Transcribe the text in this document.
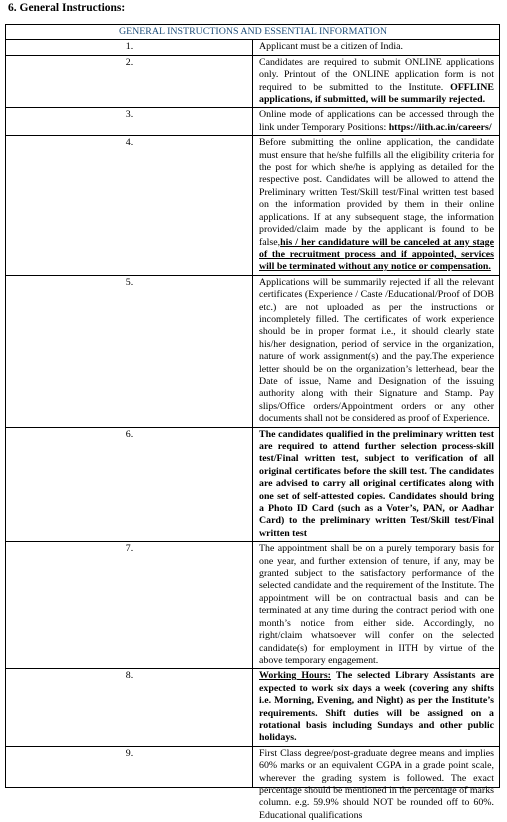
6. General Instructions:
GENERAL INSTRUCTIONS AND ESSENTIAL INFORMATION	
1.	Applicant must be a citizen of India.
2.	Candidates are required to submit ONLINE applications only. Printout of the ONLINE application form is not required to be submitted to the Institute. OFFLINE applications, if submitted, will be summarily rejected.
3.	Online mode of applications can be accessed through the link under Temporary Positions: https://iith.ac.in/careers/
4.	Before submitting the online application, the candidate must ensure that he/she fulfills all the eligibility criteria for the post for which she/he is applying as detailed for the respective post. Candidates will be allowed to attend the Preliminary written Test/Skill test/Final written test based on the information provided by them in their online applications. If at any subsequent stage, the information provided/claim made by the applicant is found to be false,his / her candidature will be canceled at any stage of the recruitment process and if appointed, services will be terminated without any notice or compensation.
5.	Applications will be summarily rejected if all the relevant certificates (Experience / Caste /Educational/Proof of DOB etc.) are not uploaded as per the instructions or incompletely filled. The certificates of work experience should be in proper format i.e., it should clearly state his/her designation, period of service in the organization, nature of work assignment(s) and the pay.The experience letter should be on the organization’s letterhead, bear the Date of issue, Name and Designation of the issuing authority along with their Signature and Stamp. Pay slips/Office orders/Appointment orders or any other documents shall not be considered as proof of Experience.
6.	The candidates qualified in the preliminary written test are required to attend further selection process-skill test/Final written test, subject to verification of all original certificates before the skill test. The candidates are advised to carry all original certificates along with one set of self-attested copies. Candidates should bring a Photo ID Card (such as a Voter’s, PAN, or Aadhar Card) to the preliminary written Test/Skill test/Final written test
7.	The appointment shall be on a purely temporary basis for one year, and further extension of tenure, if any, may be granted subject to the satisfactory performance of the selected candidate and the requirement of the Institute. The appointment will be on contractual basis and can be terminated at any time during the contract period with one month’s notice from either side. Accordingly, no right/claim whatsoever will confer on the selected candidate(s) for employment in IITH by virtue of the above temporary engagement.
8.	Working Hours: The selected Library Assistants are expected to work six days a week (covering any shifts i.e. Morning, Evening, and Night) as per the Institute’s requirements. Shift duties will be assigned on a rotational basis including Sundays and other public holidays.
9.	First Class degree/post-graduate degree means and implies 60% marks or an equivalent CGPA in a grade point scale, wherever the grading system is followed. The exact percentage should be mentioned in the percentage of marks column. e.g. 59.9% should NOT be rounded off to 60%. Educational qualifications
